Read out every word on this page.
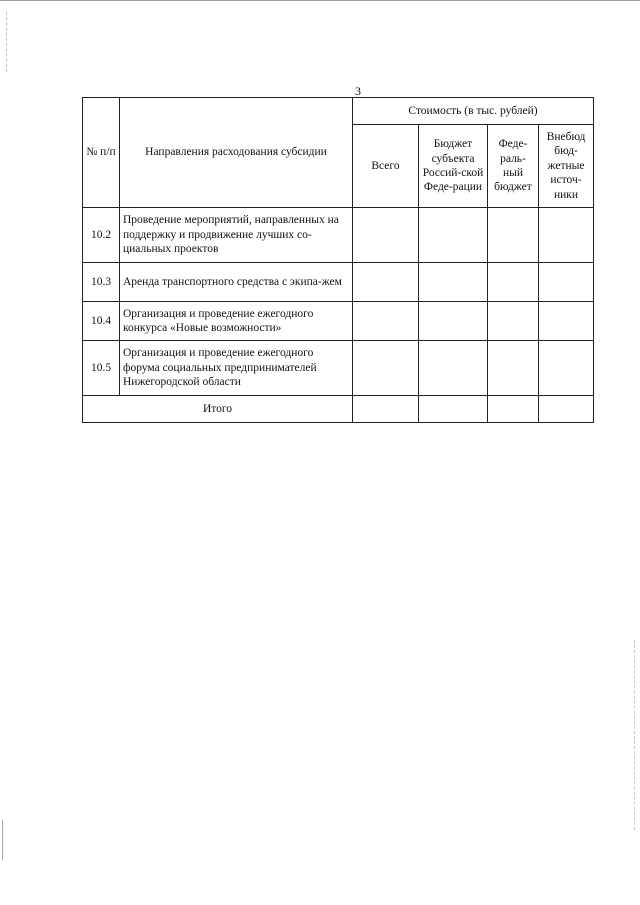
3
№ п/п	Направления расходования субсидии	Стоимость (в тыс. рублей)			
		Всего	Бюджет субъекта Россий-ской Феде-рации	Феде-раль-ный бюджет	Внебюд бюд-жетные источ-ники
10.2	Проведение мероприятий, направленных на поддержку и продвижение лучших со-циальных проектов				
10.3	Аренда транспортного средства с экипа-жем				
10.4	Организация и проведение ежегодного конкурса «Новые возможности»				
10.5	Организация и проведение ежегодного форума социальных предпринимателей Нижегородской области				
Итого					
